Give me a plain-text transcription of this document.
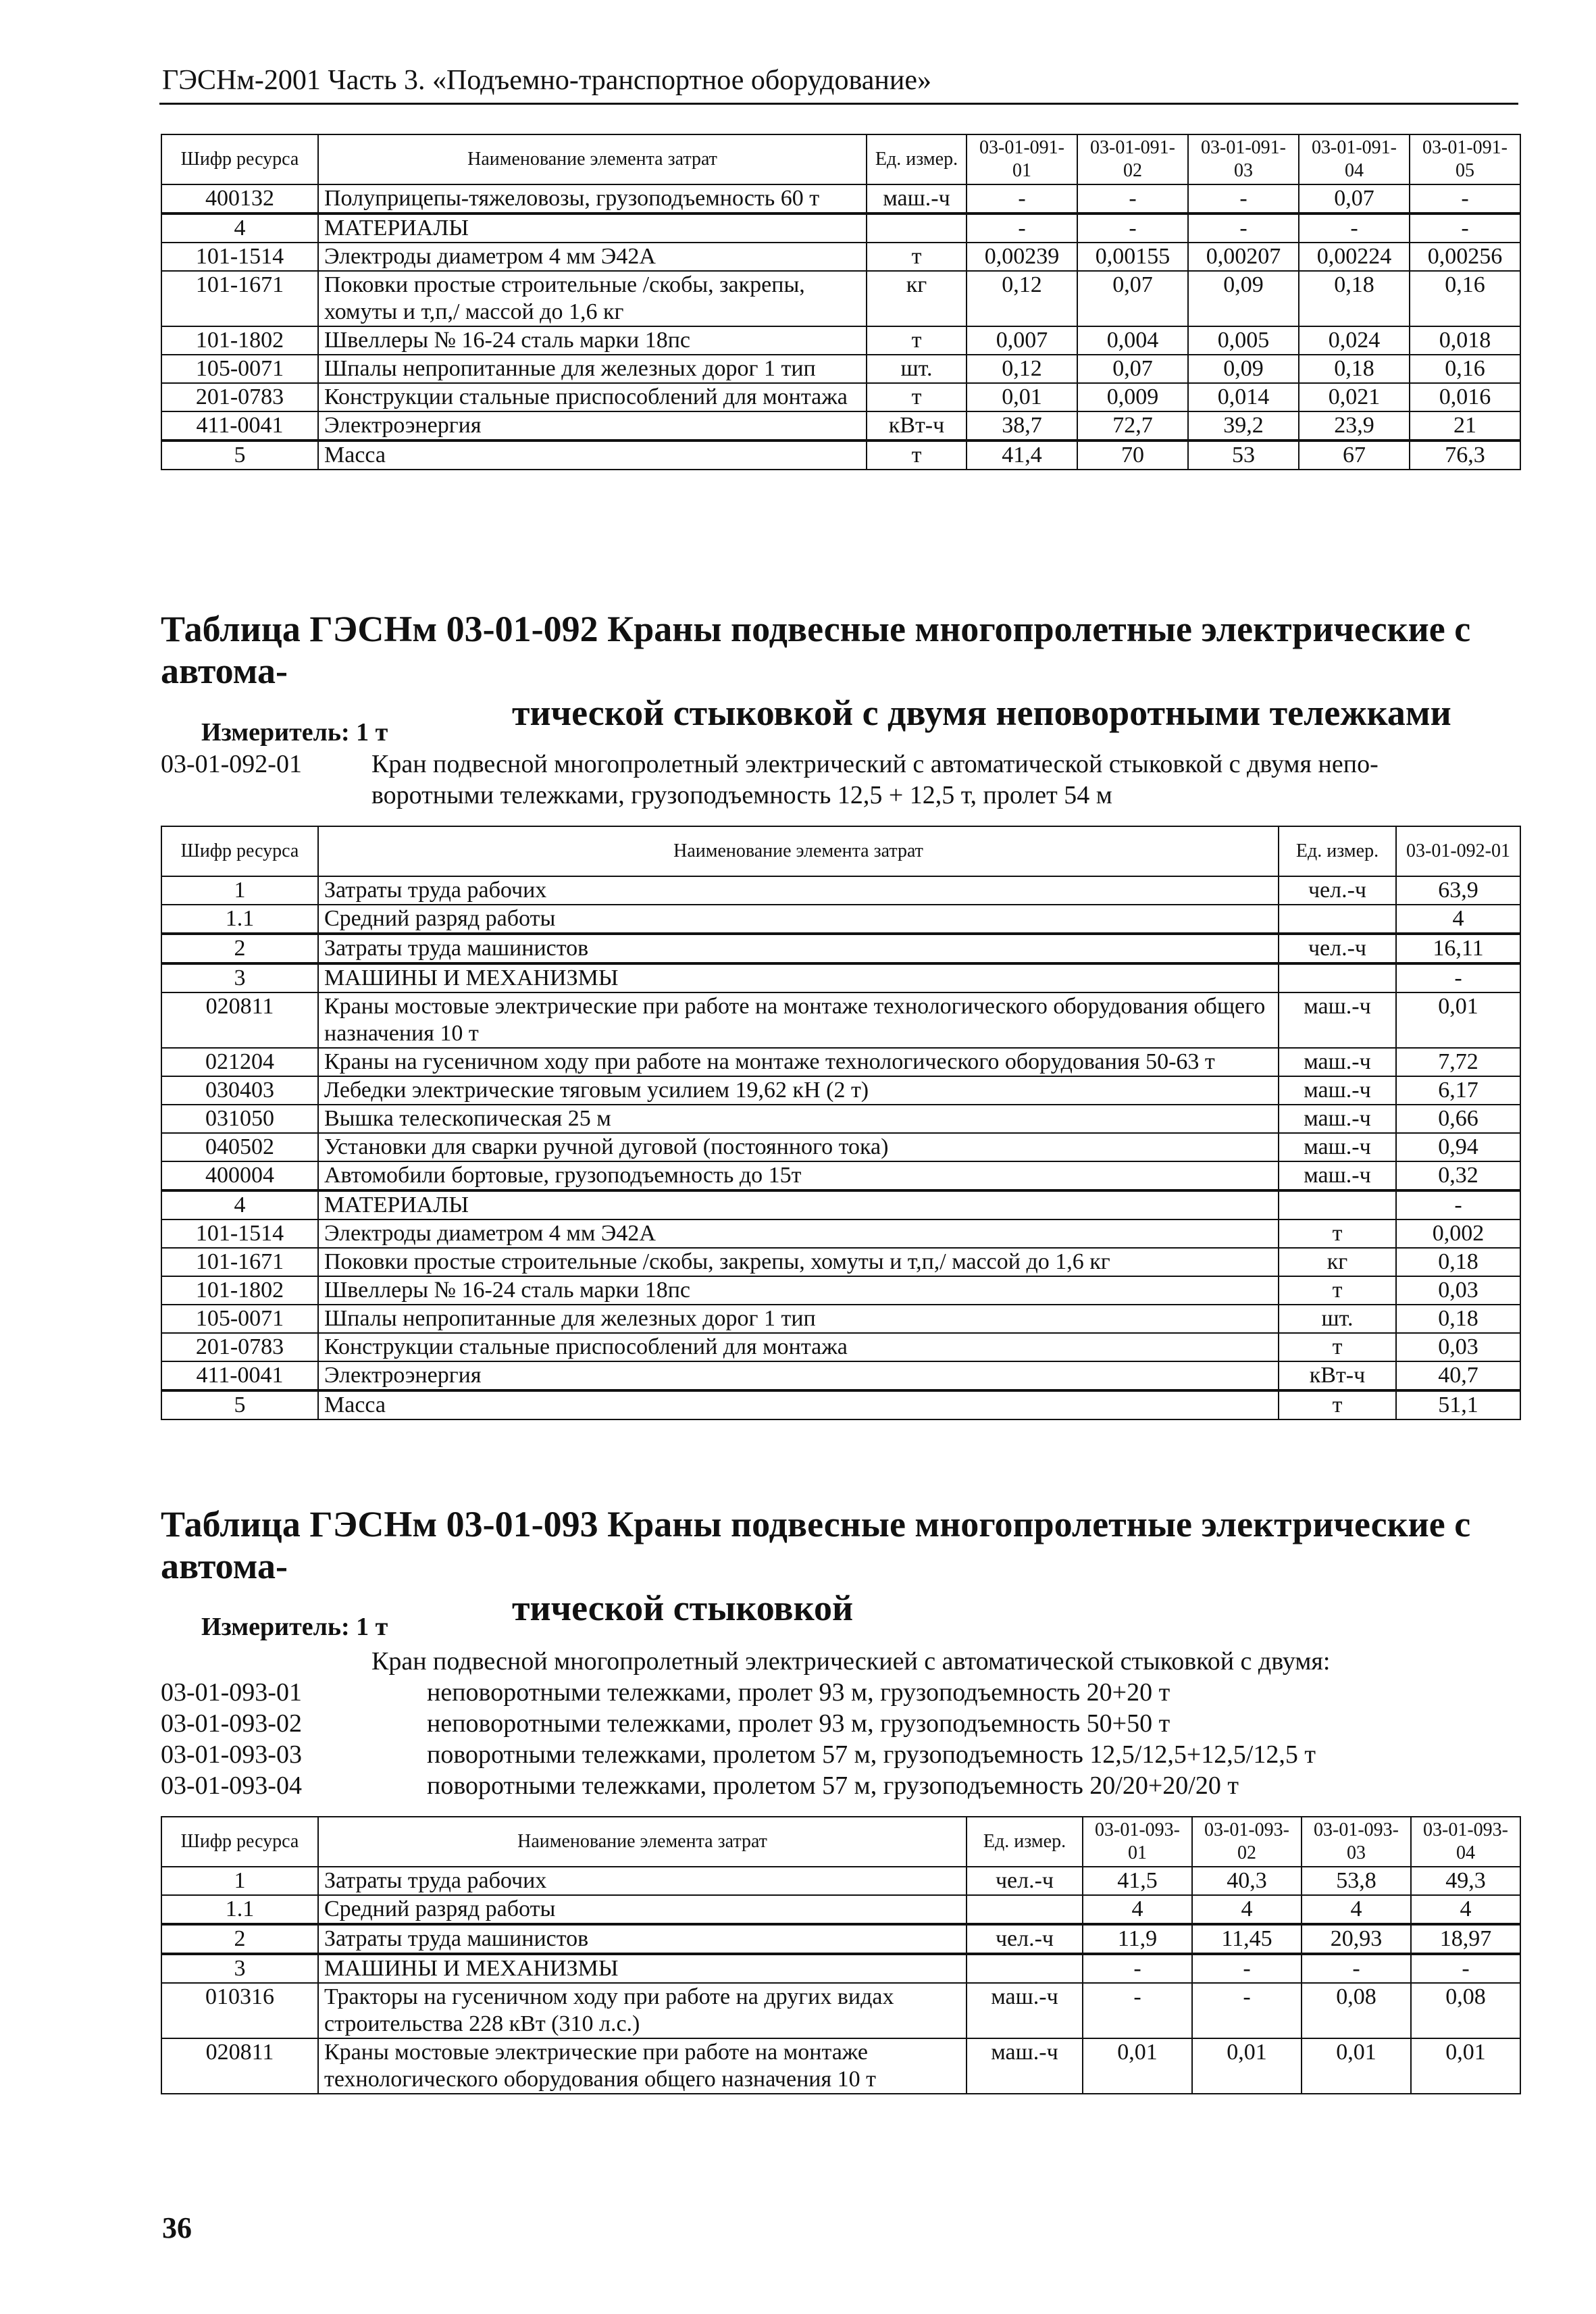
ГЭСНм-2001 Часть 3. «Подъемно-транспортное оборудование»
Шифр ресурса	Наименование элемента затрат	Ед. измер.	03-01-091-01	03-01-091-02	03-01-091-03	03-01-091-04	03-01-091-05
400132	Полуприцепы-тяжеловозы, грузоподъемность 60 т	маш.-ч	-	-	-	0,07	-
4	МАТЕРИАЛЫ		-	-	-	-	-
101-1514	Электроды диаметром 4 мм Э42А	т	0,00239	0,00155	0,00207	0,00224	0,00256
101-1671	Поковки простые строительные /скобы, закрепы, хомуты и т,п,/ массой до 1,6 кг	кг	0,12	0,07	0,09	0,18	0,16
101-1802	Швеллеры № 16-24 сталь марки 18пс	т	0,007	0,004	0,005	0,024	0,018
105-0071	Шпалы непропитанные для железных дорог 1 тип	шт.	0,12	0,07	0,09	0,18	0,16
201-0783	Конструкции стальные приспособлений для монтажа	т	0,01	0,009	0,014	0,021	0,016
411-0041	Электроэнергия	кВт-ч	38,7	72,7	39,2	23,9	21
5	Масса	т	41,4	70	53	67	76,3
Таблица ГЭСНм 03-01-092 Краны подвесные многопролетные электрические с автома-
тической стыковкой с двумя неповоротными тележками
Измеритель: 1 т
03-01-092-01	Кран подвесной многопролетный электрический с автоматической стыковкой с двумя непо-
воротными тележками, грузоподъемность 12,5 + 12,5 т, пролет 54 м
Шифр ресурса	Наименование элемента затрат	Ед. измер.	03-01-092-01
1	Затраты труда рабочих	чел.-ч	63,9
1.1	Средний разряд работы		4
2	Затраты труда машинистов	чел.-ч	16,11
3	МАШИНЫ И МЕХАНИЗМЫ		-
020811	Краны мостовые электрические при работе на монтаже технологического оборудования общего назначения 10 т	маш.-ч	0,01
021204	Краны на гусеничном ходу при работе на монтаже технологического оборудования 50-63 т	маш.-ч	7,72
030403	Лебедки электрические тяговым усилием 19,62 кН (2 т)	маш.-ч	6,17
031050	Вышка телескопическая 25 м	маш.-ч	0,66
040502	Установки для сварки ручной дуговой (постоянного тока)	маш.-ч	0,94
400004	Автомобили бортовые, грузоподъемность до 15т	маш.-ч	0,32
4	МАТЕРИАЛЫ		-
101-1514	Электроды диаметром 4 мм Э42А	т	0,002
101-1671	Поковки простые строительные /скобы, закрепы, хомуты и т,п,/ массой до 1,6 кг	кг	0,18
101-1802	Швеллеры № 16-24 сталь марки 18пс	т	0,03
105-0071	Шпалы непропитанные для железных дорог 1 тип	шт.	0,18
201-0783	Конструкции стальные приспособлений для монтажа	т	0,03
411-0041	Электроэнергия	кВт-ч	40,7
5	Масса	т	51,1
Таблица ГЭСНм 03-01-093 Краны подвесные многопролетные электрические с автома-
тической стыковкой
Измеритель: 1 т
Кран подвесной многопролетный электрическией с автоматической стыковкой с двумя:
03-01-093-01	неповоротными тележками, пролет 93 м, грузоподъемность 20+20 т
03-01-093-02	неповоротными тележками, пролет 93 м, грузоподъемность 50+50 т
03-01-093-03	поворотными тележками, пролетом 57 м, грузоподъемность 12,5/12,5+12,5/12,5 т
03-01-093-04	поворотными тележками, пролетом 57 м, грузоподъемность 20/20+20/20 т
Шифр ресурса	Наименование элемента затрат	Ед. измер.	03-01-093-01	03-01-093-02	03-01-093-03	03-01-093-04
1	Затраты труда рабочих	чел.-ч	41,5	40,3	53,8	49,3
1.1	Средний разряд работы		4	4	4	4
2	Затраты труда машинистов	чел.-ч	11,9	11,45	20,93	18,97
3	МАШИНЫ И МЕХАНИЗМЫ		-	-	-	-
010316	Тракторы на гусеничном ходу при работе на других видах строительства 228 кВт (310 л.с.)	маш.-ч	-	-	0,08	0,08
020811	Краны мостовые электрические при работе на монтаже технологического оборудования общего назначения 10 т	маш.-ч	0,01	0,01	0,01	0,01
36
